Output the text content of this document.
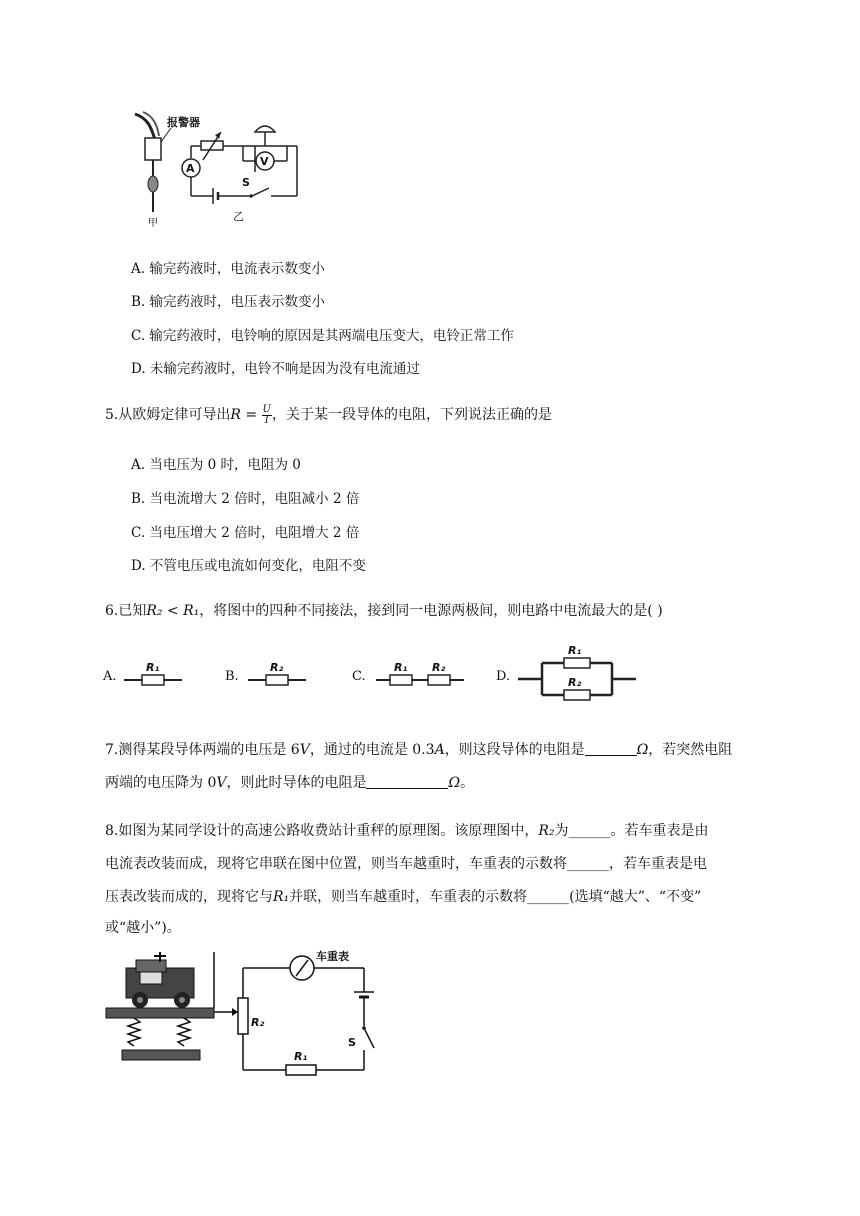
甲
报警器
A
V
S
乙
A. 输完药液时，电流表示数变小
B. 输完药液时，电压表示数变小
C. 输完药液时，电铃响的原因是其两端电压变大，电铃正常工作
D. 未输完药液时，电铃不响是因为没有电流通过
5.从欧姆定律可导出$R = \frac{U}{I}$ ，关于某一段导体的电阻，下列说法正确的是
A. 当电压为 0 时，电阻为 0
B. 当电流增大 2 倍时，电阻减小 2 倍
C. 当电压增大 2 倍时，电阻增大 2 倍
D. 不管电压或电流如何变化，电阻不变
6.已知R₂ < R₁，将图中的四种不同接法，接到同一电源两极间，则电路中电流最大的是( )
A.
R₁
B.
R₂
C.
R₁ R₂
D.
R₁
R₂
7.测得某段导体两端的电压是 6V，通过的电流是 0.3A，则这段导体的电阻是	Ω，若突然电阻
两端的电压降为 0V，则此时导体的电阻是	Ω。
8.如图为某同学设计的高速公路收费站计重秤的原理图。该原理图中，R₂为______。若车重表是由
电流表改装而成，现将它串联在图中位置，则当车越重时，车重表的示数将______，若车重表是电
压表改装而成的，现将它与R₁并联，则当车越重时，车重表的示数将______(选填“越大”、“不变”
或“越小”)。
R₂
车重表
S
R₁
